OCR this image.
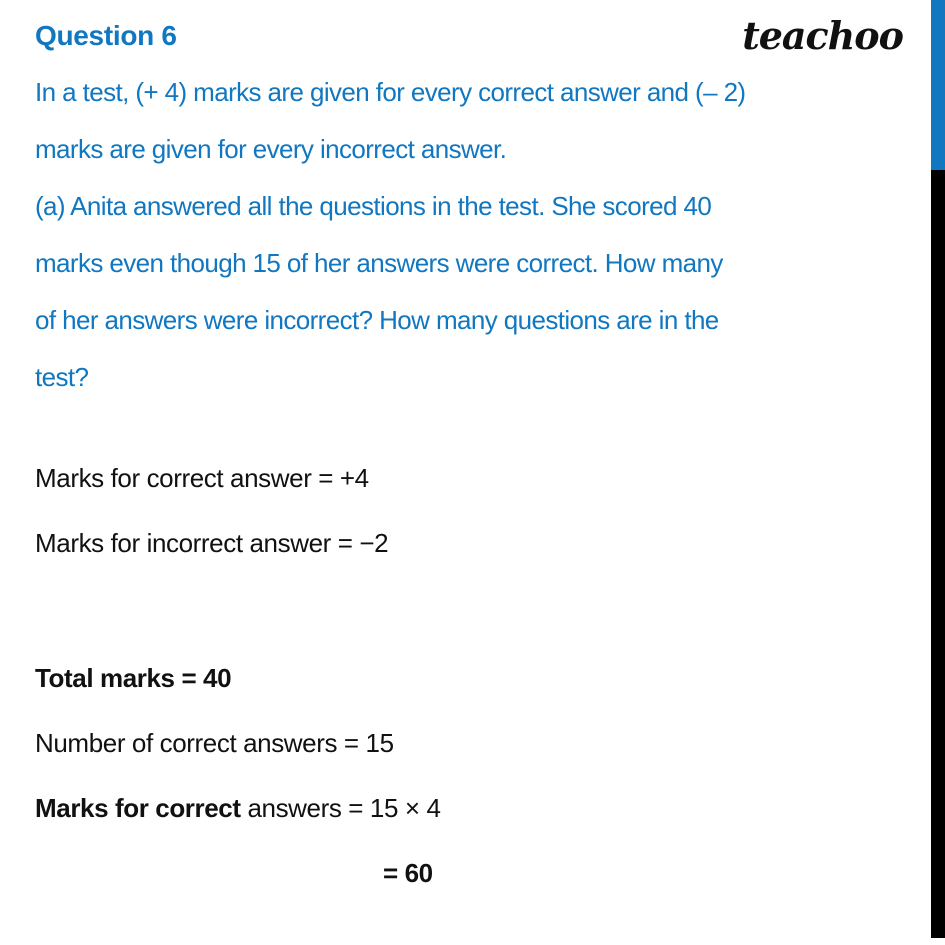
Question 6	teachoo
In a test, (+ 4) marks are given for every correct answer and (– 2)
marks are given for every incorrect answer.
(a) Anita answered all the questions in the test. She scored 40
marks even though 15 of her answers were correct. How many
of her answers were incorrect? How many questions are in the
test?
Marks for correct answer = +4
Marks for incorrect answer = −2
Total marks = 40
Number of correct answers = 15
Marks for correct answers = 15 × 4
= 60
